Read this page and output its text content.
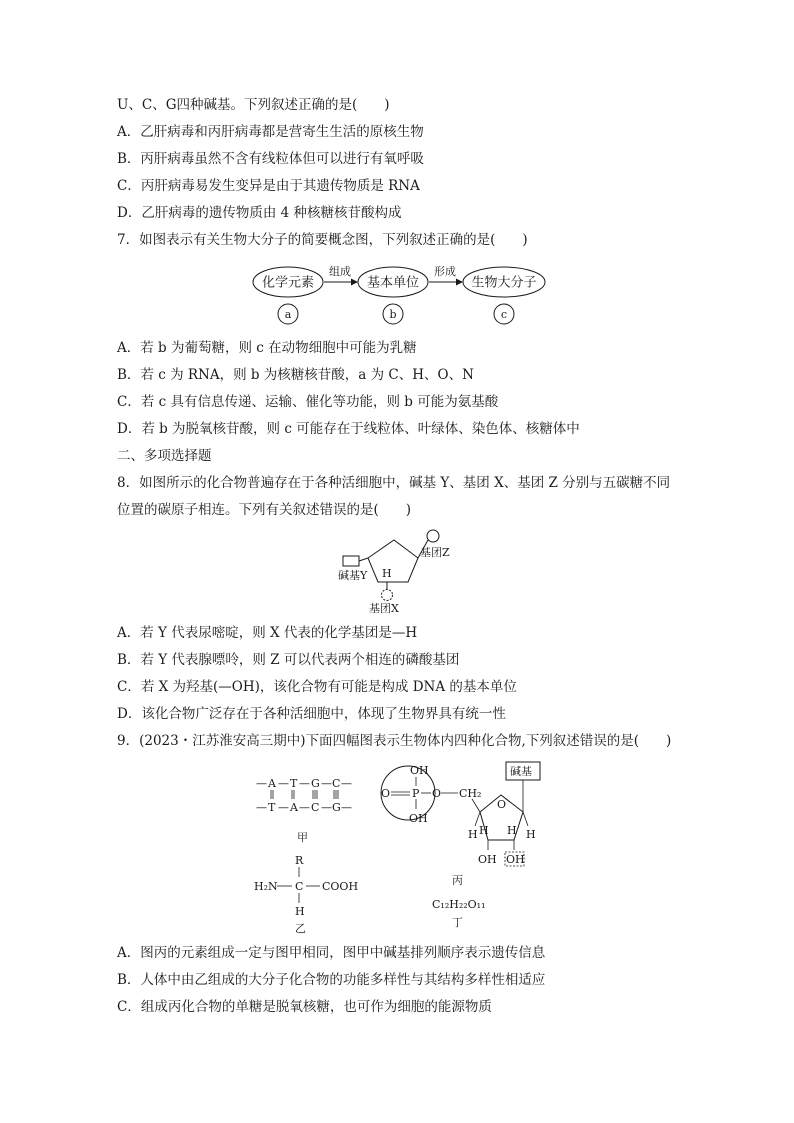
U、C、G四种碱基。下列叙述正确的是(　　)
A．乙肝病毒和丙肝病毒都是营寄生生活的原核生物
B．丙肝病毒虽然不含有线粒体但可以进行有氧呼吸
C．丙肝病毒易发生变异是由于其遗传物质是 RNA
D．乙肝病毒的遗传物质由 4 种核糖核苷酸构成
7．如图表示有关生物大分子的简要概念图，下列叙述正确的是(　　)
化学元素
组成
基本单位
形成
生物大分子
a	b	c
A．若 b 为葡萄糖，则 c 在动物细胞中可能为乳糖
B．若 c 为 RNA，则 b 为核糖核苷酸，a 为 C、H、O、N
C．若 c 具有信息传递、运输、催化等功能，则 b 可能为氨基酸
D．若 b 为脱氧核苷酸，则 c 可能存在于线粒体、叶绿体、染色体、核糖体中
二、多项选择题
8．如图所示的化合物普遍存在于各种活细胞中，碱基 Y、基团 X、基团 Z 分别与五碳糖不同
位置的碳原子相连。下列有关叙述错误的是(　　)
碱基Y H
基团Z
基团X
A．若 Y 代表尿嘧啶，则 X 代表的化学基团是—H
B．若 Y 代表腺嘌呤，则 Z 可以代表两个相连的磷酸基团
C．若 X 为羟基(—OH)，该化合物有可能是构成 DNA 的基本单位
D．该化合物广泛存在于各种活细胞中，体现了生物界具有统一性
9．(2023・江苏淮安高三期中)下面四幅图表示生物体内四种化合物,下列叙述错误的是(　　)
— A — T — G — C —
— T — A — C — G —
甲
R
H₂N C COOH
H
乙
OH
O P O
OH
CH₂
O
碱基
H	H
H H
OH OH
丙
C₁₂H₂₂O₁₁
丁
A．图丙的元素组成一定与图甲相同，图甲中碱基排列顺序表示遗传信息
B．人体中由乙组成的大分子化合物的功能多样性与其结构多样性相适应
C．组成丙化合物的单糖是脱氧核糖，也可作为细胞的能源物质
